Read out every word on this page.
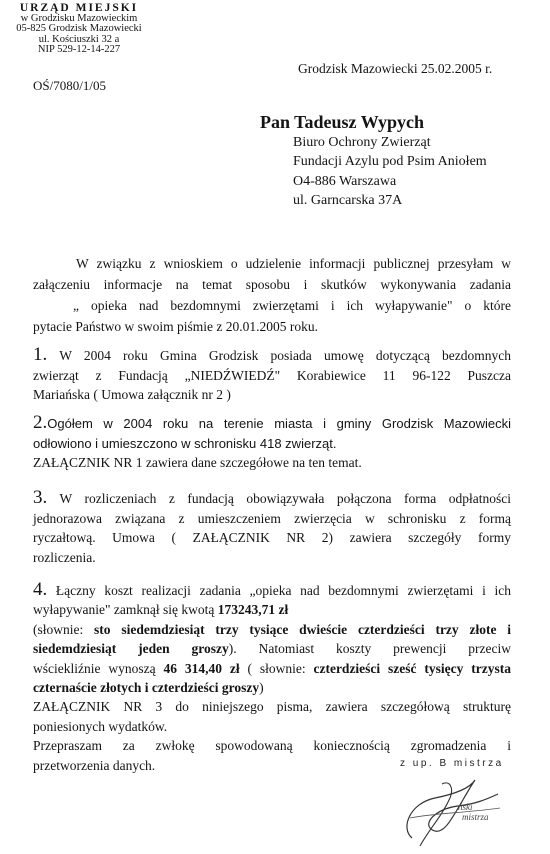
URZĄD MIEJSKI
w Grodzisku Mazowieckim
05-825 Grodzisk Mazowiecki
ul. Kościuszki 32 a
NIP 529-12-14-227
Grodzisk Mazowiecki 25.02.2005 r.
OŚ/7080/1/05
Pan Tadeusz Wypych
Biuro Ochrony Zwierząt
Fundacji Azylu pod Psim Aniołem
O4-886 Warszawa
ul. Garncarska 37A
W związku z wnioskiem o udzielenie informacji publicznej przesyłam w
załączeniu informacje na temat sposobu i skutków wykonywania zadania
„ opieka nad bezdomnymi zwierzętami i ich wyłapywanie" o które
pytacie Państwo w swoim piśmie z 20.01.2005 roku.
1. W 2004 roku Gmina Grodzisk posiada umowę dotyczącą bezdomnych
zwierząt z Fundacją „NIEDŹWIEDŹ" Korabiewice 11 96-122 Puszcza
Mariańska ( Umowa załącznik nr 2 )
2.Ogółem w 2004 roku na terenie miasta i gminy Grodzisk Mazowiecki
odłowiono i umieszczono w schronisku 418 zwierząt.
ZAŁĄCZNIK NR 1 zawiera dane szczegółowe na ten temat.
3. W rozliczeniach z fundacją obowiązywała połączona forma odpłatności
jednorazowa związana z umieszczeniem zwierzęcia w schronisku z formą
ryczałtową. Umowa ( ZAŁĄCZNIK NR 2) zawiera szczegóły formy
rozliczenia.
4. Łączny koszt realizacji zadania „opieka nad bezdomnymi zwierzętami i ich
wyłapywanie" zamknął się kwotą 173243,71 zł
(słownie: sto siedemdziesiąt trzy tysiące dwieście czterdzieści trzy złote i
siedemdziesiąt jeden groszy). Natomiast koszty prewencji przeciw
wściekliźnie wynoszą 46 314,40 zł ( słownie: czterdzieści sześć tysięcy trzysta
czternaście złotych i czterdzieści groszy)
ZAŁĄCZNIK NR 3 do niniejszego pisma, zawiera szczegółową strukturę
poniesionych wydatków.
Przepraszam za zwłokę spowodowaną koniecznością zgromadzenia i
przetworzenia danych.	z up. B mistrza
ński
mistrza
